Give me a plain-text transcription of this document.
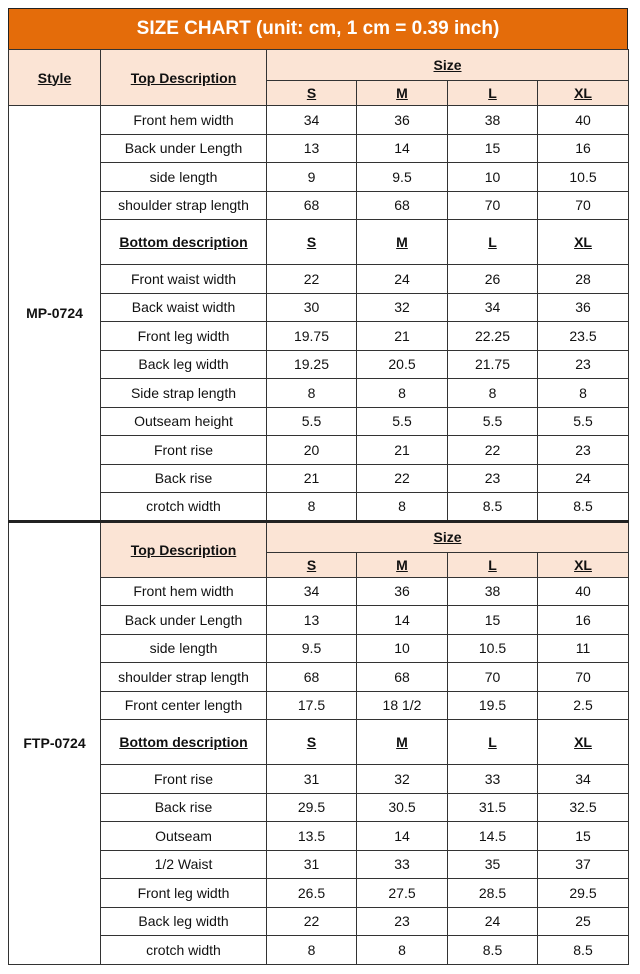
SIZE CHART (unit: cm, 1 cm = 0.39 inch)
Style	Top Description	Size			
		S	M	L	XL
MP-0724	Front hem width	34	36	38	40
	Back under Length	13	14	15	16
	side length	9	9.5	10	10.5
	shoulder strap length	68	68	70	70
	Bottom description	S	M	L	XL
	Front waist width	22	24	26	28
	Back waist width	30	32	34	36
	Front leg width	19.75	21	22.25	23.5
	Back leg width	19.25	20.5	21.75	23
	Side strap length	8	8	8	8
	Outseam height	5.5	5.5	5.5	5.5
	Front rise	20	21	22	23
	Back rise	21	22	23	24
	crotch width	8	8	8.5	8.5
FTP-0724	Top Description	Size			
		S	M	L	XL
	Front hem width	34	36	38	40
	Back under Length	13	14	15	16
	side length	9.5	10	10.5	11
	shoulder strap length	68	68	70	70
	Front center length	17.5	18 1/2	19.5	2.5
	Bottom description	S	M	L	XL
	Front rise	31	32	33	34
	Back rise	29.5	30.5	31.5	32.5
	Outseam	13.5	14	14.5	15
	1/2 Waist	31	33	35	37
	Front leg width	26.5	27.5	28.5	29.5
	Back leg width	22	23	24	25
	crotch width	8	8	8.5	8.5
